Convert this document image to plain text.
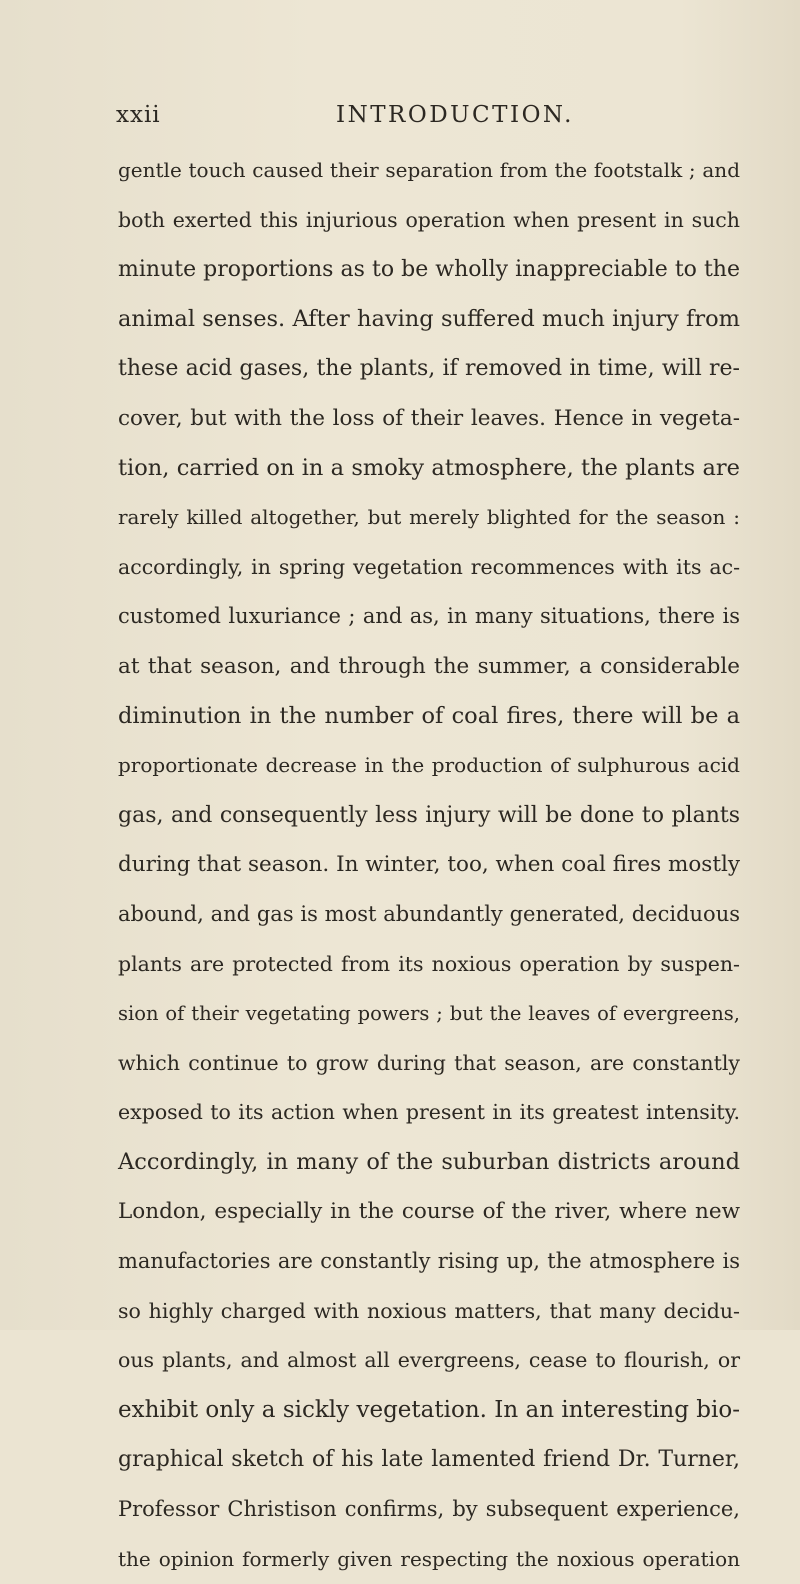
xxii	INTRODUCTION.
gentle touch caused their separation from the footstalk ; and
both exerted this injurious operation when present in such
minute proportions as to be wholly inappreciable to the
animal senses. After having suffered much injury from
these acid gases, the plants, if removed in time, will re-
cover, but with the loss of their leaves. Hence in vegeta-
tion, carried on in a smoky atmosphere, the plants are
rarely killed altogether, but merely blighted for the season :
accordingly, in spring vegetation recommences with its ac-
customed luxuriance ; and as, in many situations, there is
at that season, and through the summer, a considerable
diminution in the number of coal fires, there will be a
proportionate decrease in the production of sulphurous acid
gas, and consequently less injury will be done to plants
during that season. In winter, too, when coal fires mostly
abound, and gas is most abundantly generated, deciduous
plants are protected from its noxious operation by suspen-
sion of their vegetating powers ; but the leaves of evergreens,
which continue to grow during that season, are constantly
exposed to its action when present in its greatest intensity.
Accordingly, in many of the suburban districts around
London, especially in the course of the river, where new
manufactories are constantly rising up, the atmosphere is
so highly charged with noxious matters, that many decidu-
ous plants, and almost all evergreens, cease to flourish, or
exhibit only a sickly vegetation. In an interesting bio-
graphical sketch of his late lamented friend Dr. Turner,
Professor Christison confirms, by subsequent experience,
the opinion formerly given respecting the noxious operation
